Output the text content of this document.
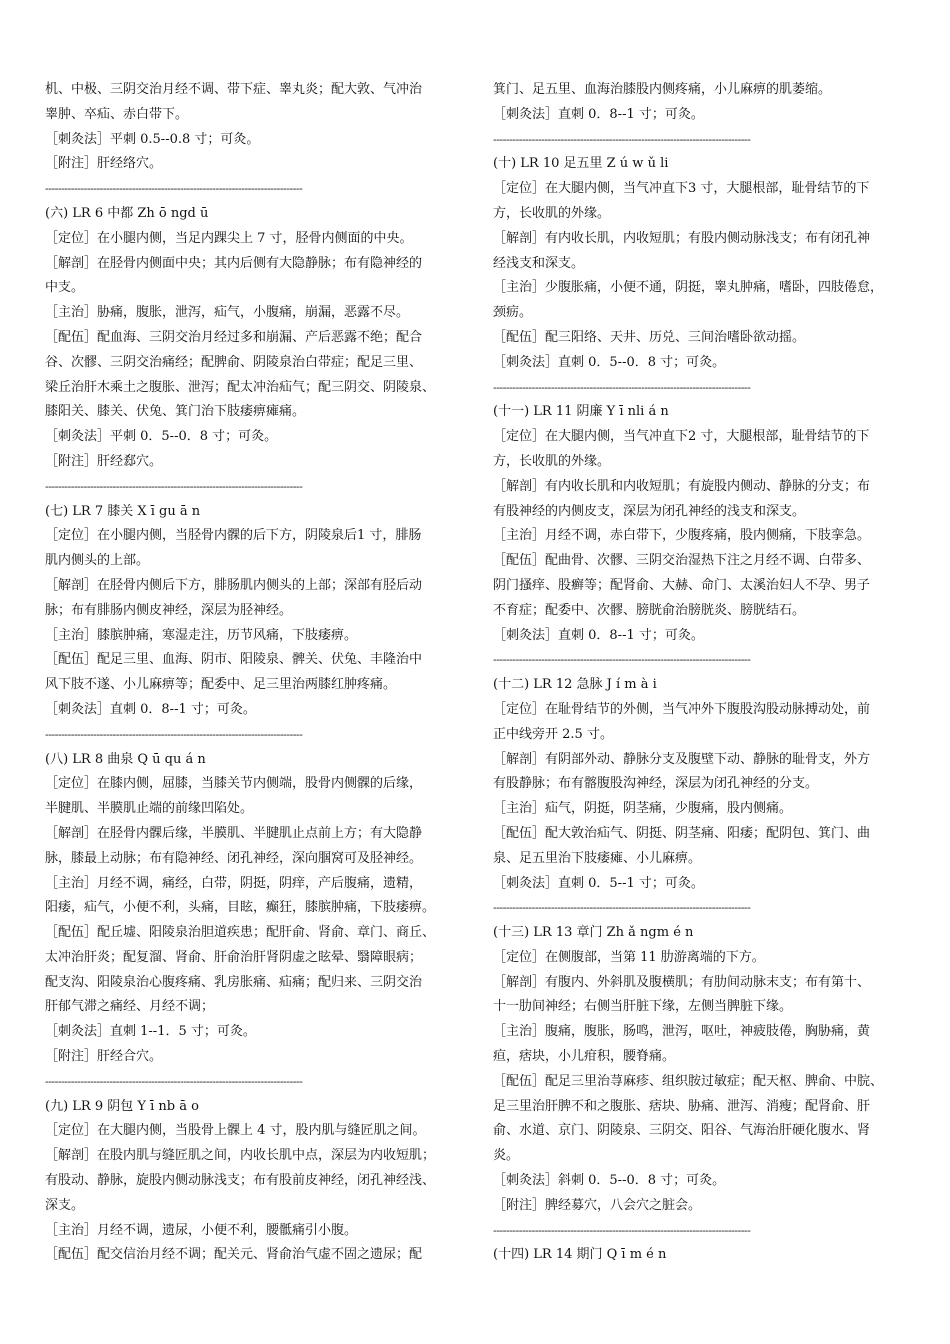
机、中极、三阴交治月经不调、带下症、睾丸炎；配大敦、气冲治
睾肿、卒疝、赤白带下。
［刺灸法］平刺 0.5--0.8 寸；可灸。
［附注］肝经络穴。
--------------------------------------------------------------------------------
(六) LR 6 中都 Zh ō ngd ū
［定位］在小腿内侧，当足内踝尖上 7 寸，胫骨内侧面的中央。
［解剖］在胫骨内侧面中央；其内后侧有大隐静脉；布有隐神经的
中支。
［主治］胁痛，腹胀，泄泻，疝气，小腹痛，崩漏，恶露不尽。
［配伍］配血海、三阴交治月经过多和崩漏、产后恶露不绝；配合
谷、次髎、三阴交治痛经；配脾俞、阴陵泉治白带症；配足三里、
梁丘治肝木乘土之腹胀、泄泻；配太冲治疝气；配三阴交、阴陵泉、
膝阳关、膝关、伏兔、箕门治下肢痿痹瘫痛。
［刺灸法］平刺 0．5--0．8 寸；可灸。
［附注］肝经郄穴。
--------------------------------------------------------------------------------
(七) LR 7 膝关 X ī gu ā n
［定位］在小腿内侧，当胫骨内髁的后下方，阴陵泉后1 寸，腓肠
肌内侧头的上部。
［解剖］在胫骨内侧后下方，腓肠肌内侧头的上部；深部有胫后动
脉；布有腓肠内侧皮神经，深层为胫神经。
［主治］膝膑肿痛，寒湿走注，历节风痛，下肢痿痹。
［配伍］配足三里、血海、阴市、阳陵泉、髀关、伏兔、丰隆治中
风下肢不遂、小儿麻痹等；配委中、足三里治两膝红肿疼痛。
［刺灸法］直刺 0．8--1 寸；可灸。
--------------------------------------------------------------------------------
(八) LR 8 曲泉 Q ū qu á n
［定位］在膝内侧，屈膝，当膝关节内侧端，股骨内侧髁的后缘，
半腱肌、半膜肌止端的前缘凹陷处。
［解剖］在胫骨内髁后缘，半膜肌、半腱肌止点前上方；有大隐静
脉，膝最上动脉；布有隐神经、闭孔神经，深向腘窝可及胫神经。
［主治］月经不调，痛经，白带，阴挺，阴痒，产后腹痛，遗精，
阳痿，疝气，小便不利，头痛，目眩，癫狂，膝膑肿痛，下肢痿痹。
［配伍］配丘墟、阳陵泉治胆道疾患；配肝俞、肾俞、章门、商丘、
太冲治肝炎；配复溜、肾俞、肝俞治肝肾阴虚之眩晕、翳障眼病；
配支沟、阳陵泉治心腹疼痛、乳房胀痛、疝痛；配归来、三阴交治
肝郁气滞之痛经、月经不调；
［刺灸法］直刺 1--1．5 寸；可灸。
［附注］肝经合穴。
--------------------------------------------------------------------------------
(九) LR 9 阴包 Y ī nb ā o
［定位］在大腿内侧，当股骨上髁上 4 寸，股内肌与缝匠肌之间。
［解剖］在股内肌与缝匠肌之间，内收长肌中点，深层为内收短肌；
有股动、静脉，旋股内侧动脉浅支；布有股前皮神经，闭孔神经浅、
深支。
［主治］月经不调，遗尿，小便不利，腰骶痛引小腹。
［配伍］配交信治月经不调；配关元、肾俞治气虚不固之遗尿；配
箕门、足五里、血海治膝股内侧疼痛，小儿麻痹的肌萎缩。
［刺灸法］直刺 0．8--1 寸；可灸。
--------------------------------------------------------------------------------
(十) LR 10 足五里 Z ú w ǔ li
［定位］在大腿内侧，当气冲直下3 寸，大腿根部，耻骨结节的下
方，长收肌的外缘。
［解剖］有内收长肌，内收短肌；有股内侧动脉浅支；布有闭孔神
经浅支和深支。
［主治］少腹胀痛，小便不通，阴挺，睾丸肿痛，嗜卧，四肢倦怠，
颈疬。
［配伍］配三阳络、天井、历兑、三间治嗜卧欲动摇。
［刺灸法］直刺 0．5--0．8 寸；可灸。
--------------------------------------------------------------------------------
(十一) LR 11 阴廉 Y ī nli á n
［定位］在大腿内侧，当气冲直下2 寸，大腿根部，耻骨结节的下
方，长收肌的外缘。
［解剖］有内收长肌和内收短肌；有旋股内侧动、静脉的分支；布
有股神经的内侧皮支，深层为闭孔神经的浅支和深支。
［主治］月经不调，赤白带下，少腹疼痛，股内侧痛，下肢挛急。
［配伍］配曲骨、次髎、三阴交治湿热下注之月经不调、白带多、
阴门搔痒、股癣等；配肾俞、大赫、命门、太溪治妇人不孕、男子
不育症；配委中、次髎、膀胱俞治膀胱炎、膀胱结石。
［刺灸法］直刺 0．8--1 寸；可灸。
--------------------------------------------------------------------------------
(十二) LR 12 急脉 J í m à i
［定位］在耻骨结节的外侧，当气冲外下腹股沟股动脉搏动处，前
正中线旁开 2.5 寸。
［解剖］有阴部外动、静脉分支及腹壁下动、静脉的耻骨支，外方
有股静脉；布有髂腹股沟神经，深层为闭孔神经的分支。
［主治］疝气，阴挺，阴茎痛，少腹痛，股内侧痛。
［配伍］配大敦治疝气、阴挺、阴茎痛、阳痿；配阴包、箕门、曲
泉、足五里治下肢痿瘫、小儿麻痹。
［刺灸法］直刺 0．5--1 寸；可灸。
--------------------------------------------------------------------------------
(十三) LR 13 章门 Zh ǎ ngm é n
［定位］在侧腹部，当第 11 肋游离端的下方。
［解剖］有腹内、外斜肌及腹横肌；有肋间动脉末支；布有第十、
十一肋间神经；右侧当肝脏下缘，左侧当脾脏下缘。
［主治］腹痛，腹胀，肠鸣，泄泻，呕吐，神疲肢倦，胸胁痛，黄
疸，痞块，小儿疳积，腰脊痛。
［配伍］配足三里治荨麻疹、组织胺过敏症；配天枢、脾俞、中脘、
足三里治肝脾不和之腹胀、痞块、胁痛、泄泻、消瘦；配肾俞、肝
俞、水道、京门、阴陵泉、三阴交、阳谷、气海治肝硬化腹水、肾
炎。
［刺灸法］斜刺 0．5--0．8 寸；可灸。
［附注］脾经募穴，八会穴之脏会。
--------------------------------------------------------------------------------
(十四) LR 14 期门 Q ī m é n
